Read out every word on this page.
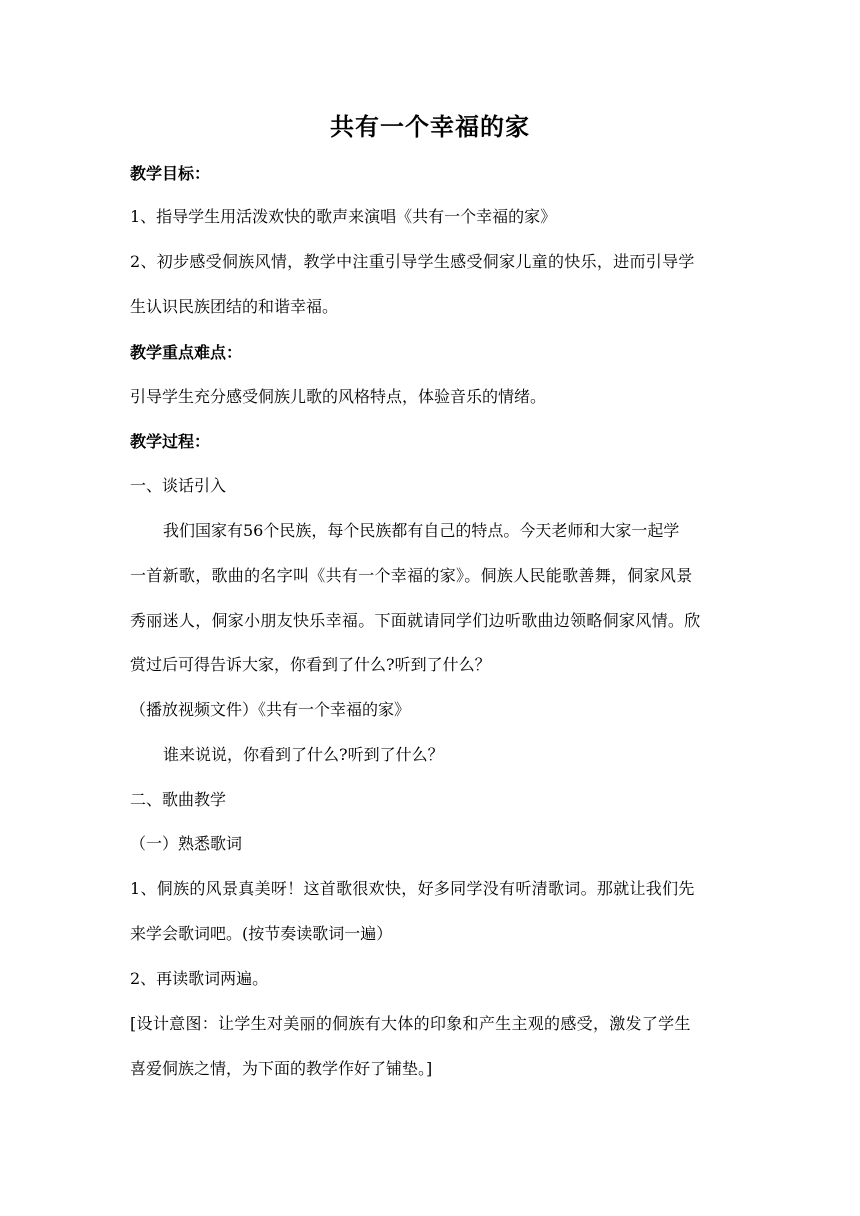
共有一个幸福的家
教学目标：
1、指导学生用活泼欢快的歌声来演唱《共有一个幸福的家》
2、初步感受侗族风情，教学中注重引导学生感受侗家儿童的快乐，进而引导学
生认识民族团结的和谐幸福。
教学重点难点：
引导学生充分感受侗族儿歌的风格特点，体验音乐的情绪。
教学过程：
一、谈话引入
我们国家有56个民族，每个民族都有自己的特点。今天老师和大家一起学
一首新歌，歌曲的名字叫《共有一个幸福的家》。侗族人民能歌善舞，侗家风景
秀丽迷人，侗家小朋友快乐幸福。下面就请同学们边听歌曲边领略侗家风情。欣
赏过后可得告诉大家，你看到了什么?听到了什么？
（播放视频文件）《共有一个幸福的家》
谁来说说，你看到了什么?听到了什么？
二、歌曲教学
（一）熟悉歌词
1、侗族的风景真美呀！这首歌很欢快，好多同学没有听清歌词。那就让我们先
来学会歌词吧。(按节奏读歌词一遍）
2、再读歌词两遍。
[设计意图：让学生对美丽的侗族有大体的印象和产生主观的感受，激发了学生
喜爱侗族之情，为下面的教学作好了铺垫。]
